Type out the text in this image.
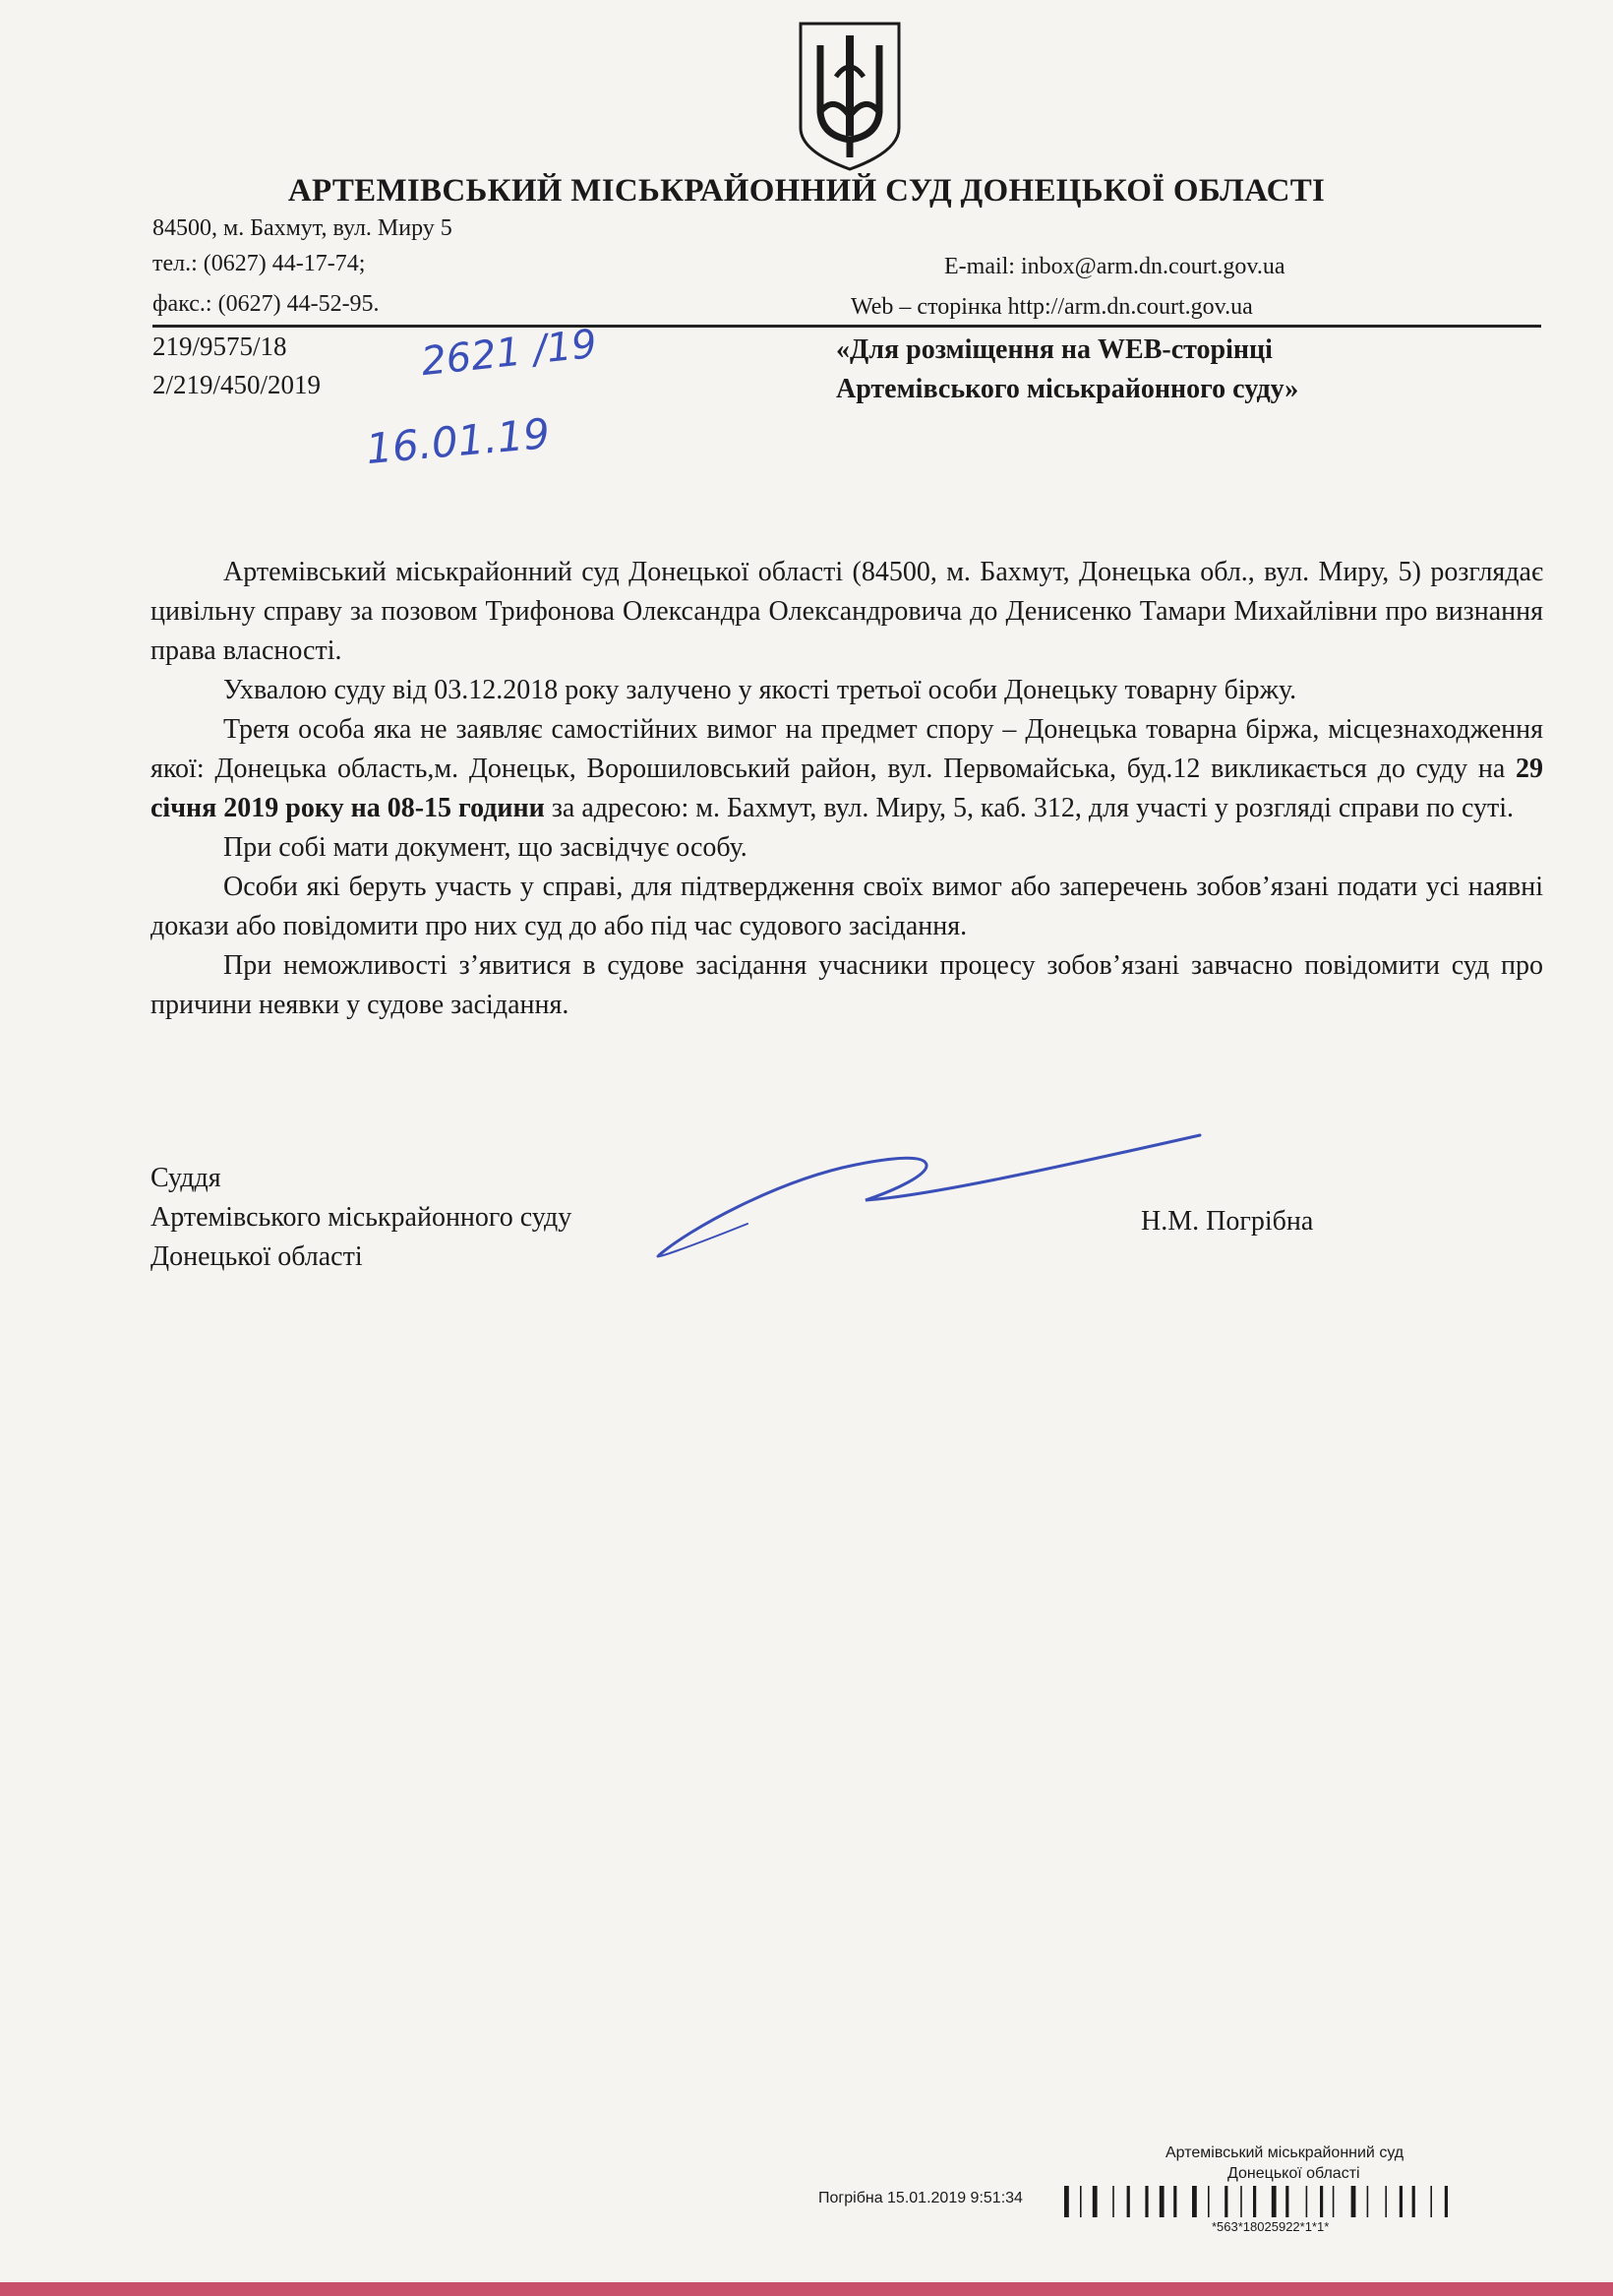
АРТЕМІВСЬКИЙ МІСЬКРАЙОННИЙ СУД ДОНЕЦЬКОЇ ОБЛАСТІ
84500, м. Бахмут, вул. Миру 5
тел.: (0627) 44-17-74;
факс.: (0627) 44-52-95.
E-mail: inbox@arm.dn.court.gov.ua
Web – сторінка http://arm.dn.court.gov.ua
219/9575/18
2/219/450/2019	2621 /19
16.01.19
«Для розміщення на WEB-сторінці
Артемівського міськрайонного суду»

Артемівський міськрайонний суд Донецької області (84500, м. Бахмут, Донецька обл., вул. Миру, 5) розглядає цивільну справу за позовом Трифонова Олександра Олександровича до Денисенко Тамари Михайлівни про визнання права власності.

Ухвалою суду від 03.12.2018 року залучено у якості третьої особи Донецьку товарну біржу.

Третя особа яка не заявляє самостійних вимог на предмет спору – Донецька товарна біржа, місцезнаходження якої: Донецька область,м. Донецьк, Ворошиловський район, вул. Первомайська, буд.12 викликається до суду на 29 січня 2019 року на 08-15 години за адресою: м. Бахмут, вул. Миру, 5, каб. 312, для участі у розгляді справи по суті.

При собі мати документ, що засвідчує особу.

Особи які беруть участь у справі, для підтвердження своїх вимог або заперечень зобов’язані подати усі наявні докази або повідомити про них суд до або під час судового засідання.

При неможливості з’явитися в судове засідання учасники процесу зобов’язані завчасно повідомити суд про причини неявки у судове засідання.

Суддя
Артемівського міськрайонного суду
Донецької області
Н.М. Погрібна
Артемівський міськрайонний суд
Донецької області
Погрібна 15.01.2019 9:51:34
*563*18025922*1*1*
